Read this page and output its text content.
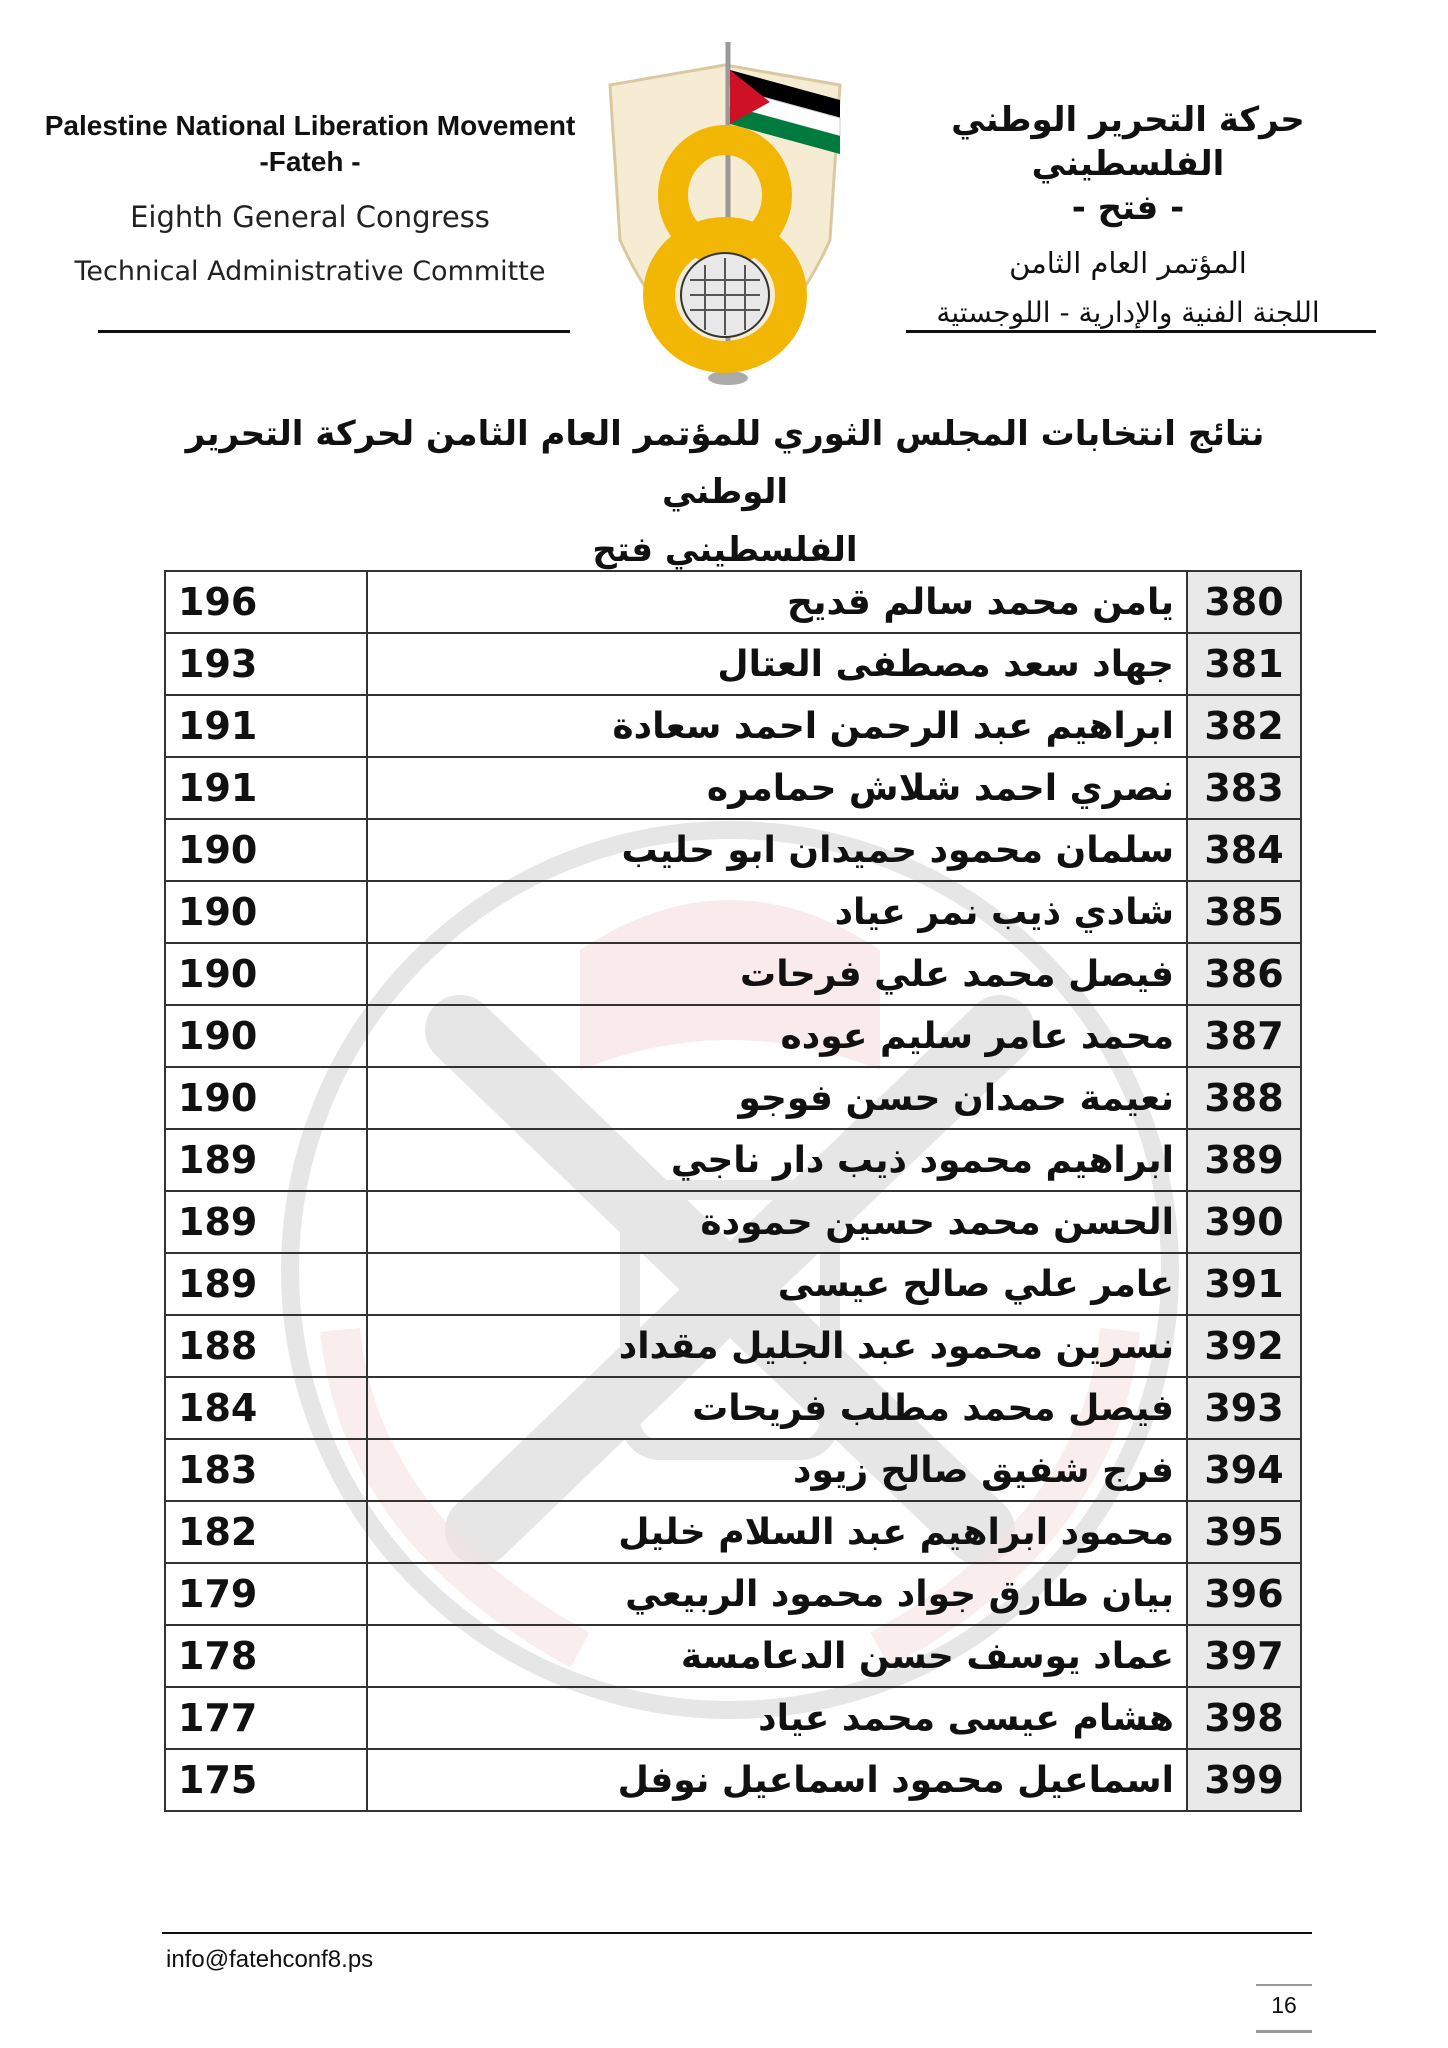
Palestine National Liberation Movement
-Fateh -
Eighth General Congress
Technical Administrative Committe
حركة التحرير الوطني الفلسطيني
- فتح -
المؤتمر العام الثامن
اللجنة الفنية والإدارية - اللوجستية
نتائج انتخابات المجلس الثوري للمؤتمر العام الثامن لحركة التحرير الوطني
الفلسطيني فتح
380	يامن محمد سالم قديح	196
381	جهاد سعد مصطفى العتال	193
382	ابراهيم عبد الرحمن احمد سعادة	191
383	نصري احمد شلاش حمامره	191
384	سلمان محمود حميدان ابو حليب	190
385	شادي ذيب نمر عياد	190
386	فيصل محمد علي فرحات	190
387	محمد عامر سليم عوده	190
388	نعيمة حمدان حسن فوجو	190
389	ابراهيم محمود ذيب دار ناجي	189
390	الحسن محمد حسين حمودة	189
391	عامر علي صالح عيسى	189
392	نسرين محمود عبد الجليل مقداد	188
393	فيصل محمد مطلب فريحات	184
394	فرج شفيق صالح زيود	183
395	محمود ابراهيم عبد السلام خليل	182
396	بيان طارق جواد محمود الربيعي	179
397	عماد يوسف حسن الدعامسة	178
398	هشام عيسى محمد عياد	177
399	اسماعيل محمود اسماعيل نوفل	175
info@fatehconf8.ps
16
